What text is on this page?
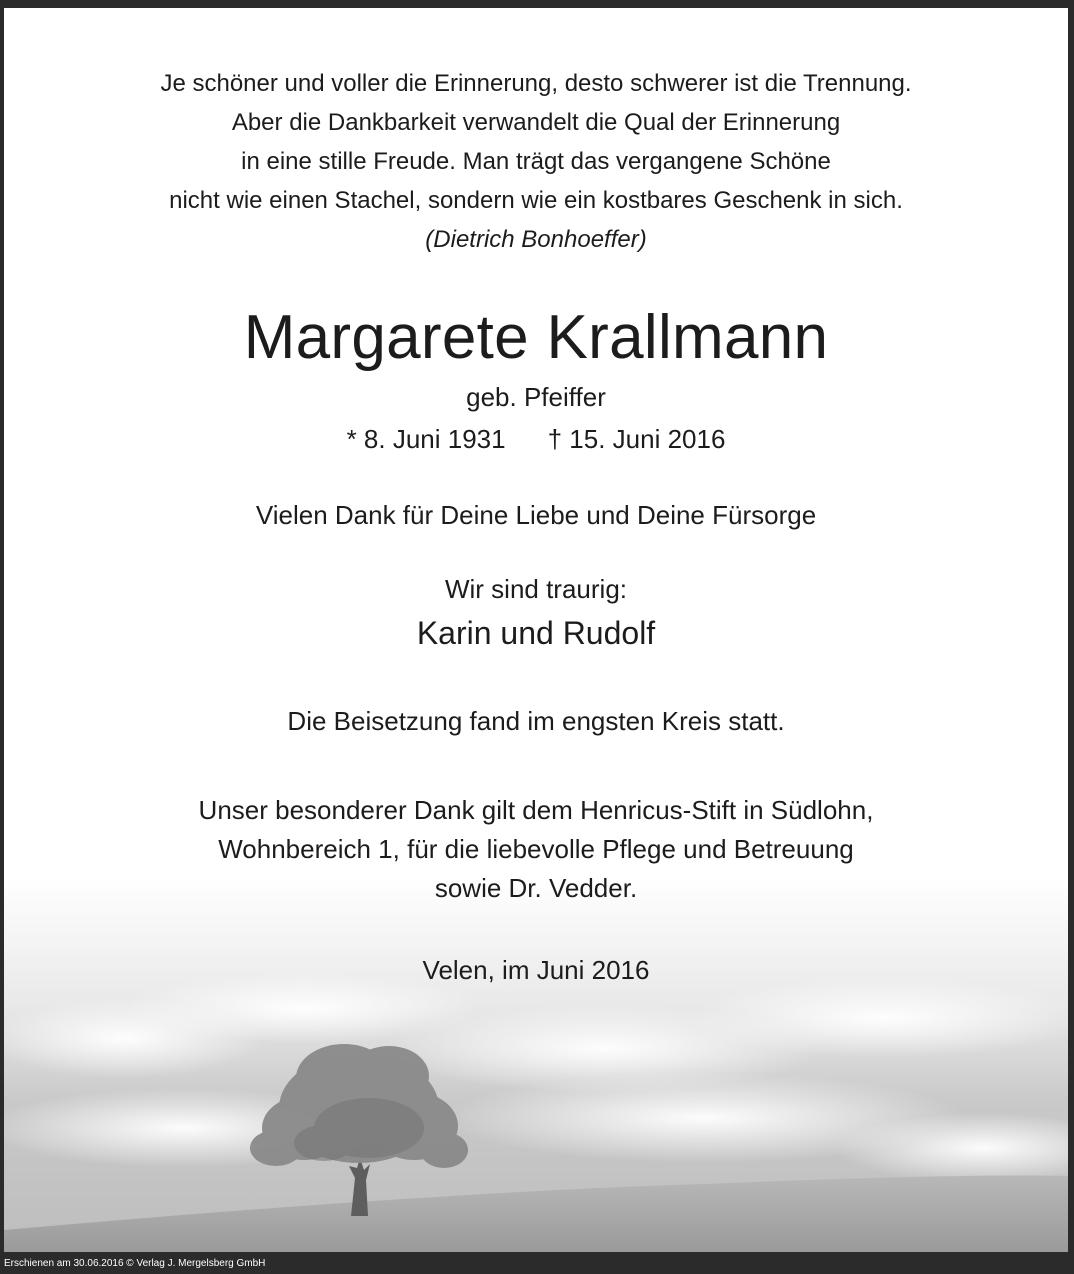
Je schöner und voller die Erinnerung, desto schwerer ist die Trennung.
Aber die Dankbarkeit verwandelt die Qual der Erinnerung
in eine stille Freude. Man trägt das vergangene Schöne
nicht wie einen Stachel, sondern wie ein kostbares Geschenk in sich.
(Dietrich Bonhoeffer)
Margarete Krallmann
geb. Pfeiffer
* 8. Juni 1931 † 15. Juni 2016
Vielen Dank für Deine Liebe und Deine Fürsorge
Wir sind traurig:
Karin und Rudolf
Die Beisetzung fand im engsten Kreis statt.
Unser besonderer Dank gilt dem Henricus-Stift in Südlohn,
Wohnbereich 1, für die liebevolle Pflege und Betreuung
sowie Dr. Vedder.
Velen, im Juni 2016
Erschienen am 30.06.2016 © Verlag J. Mergelsberg GmbH
